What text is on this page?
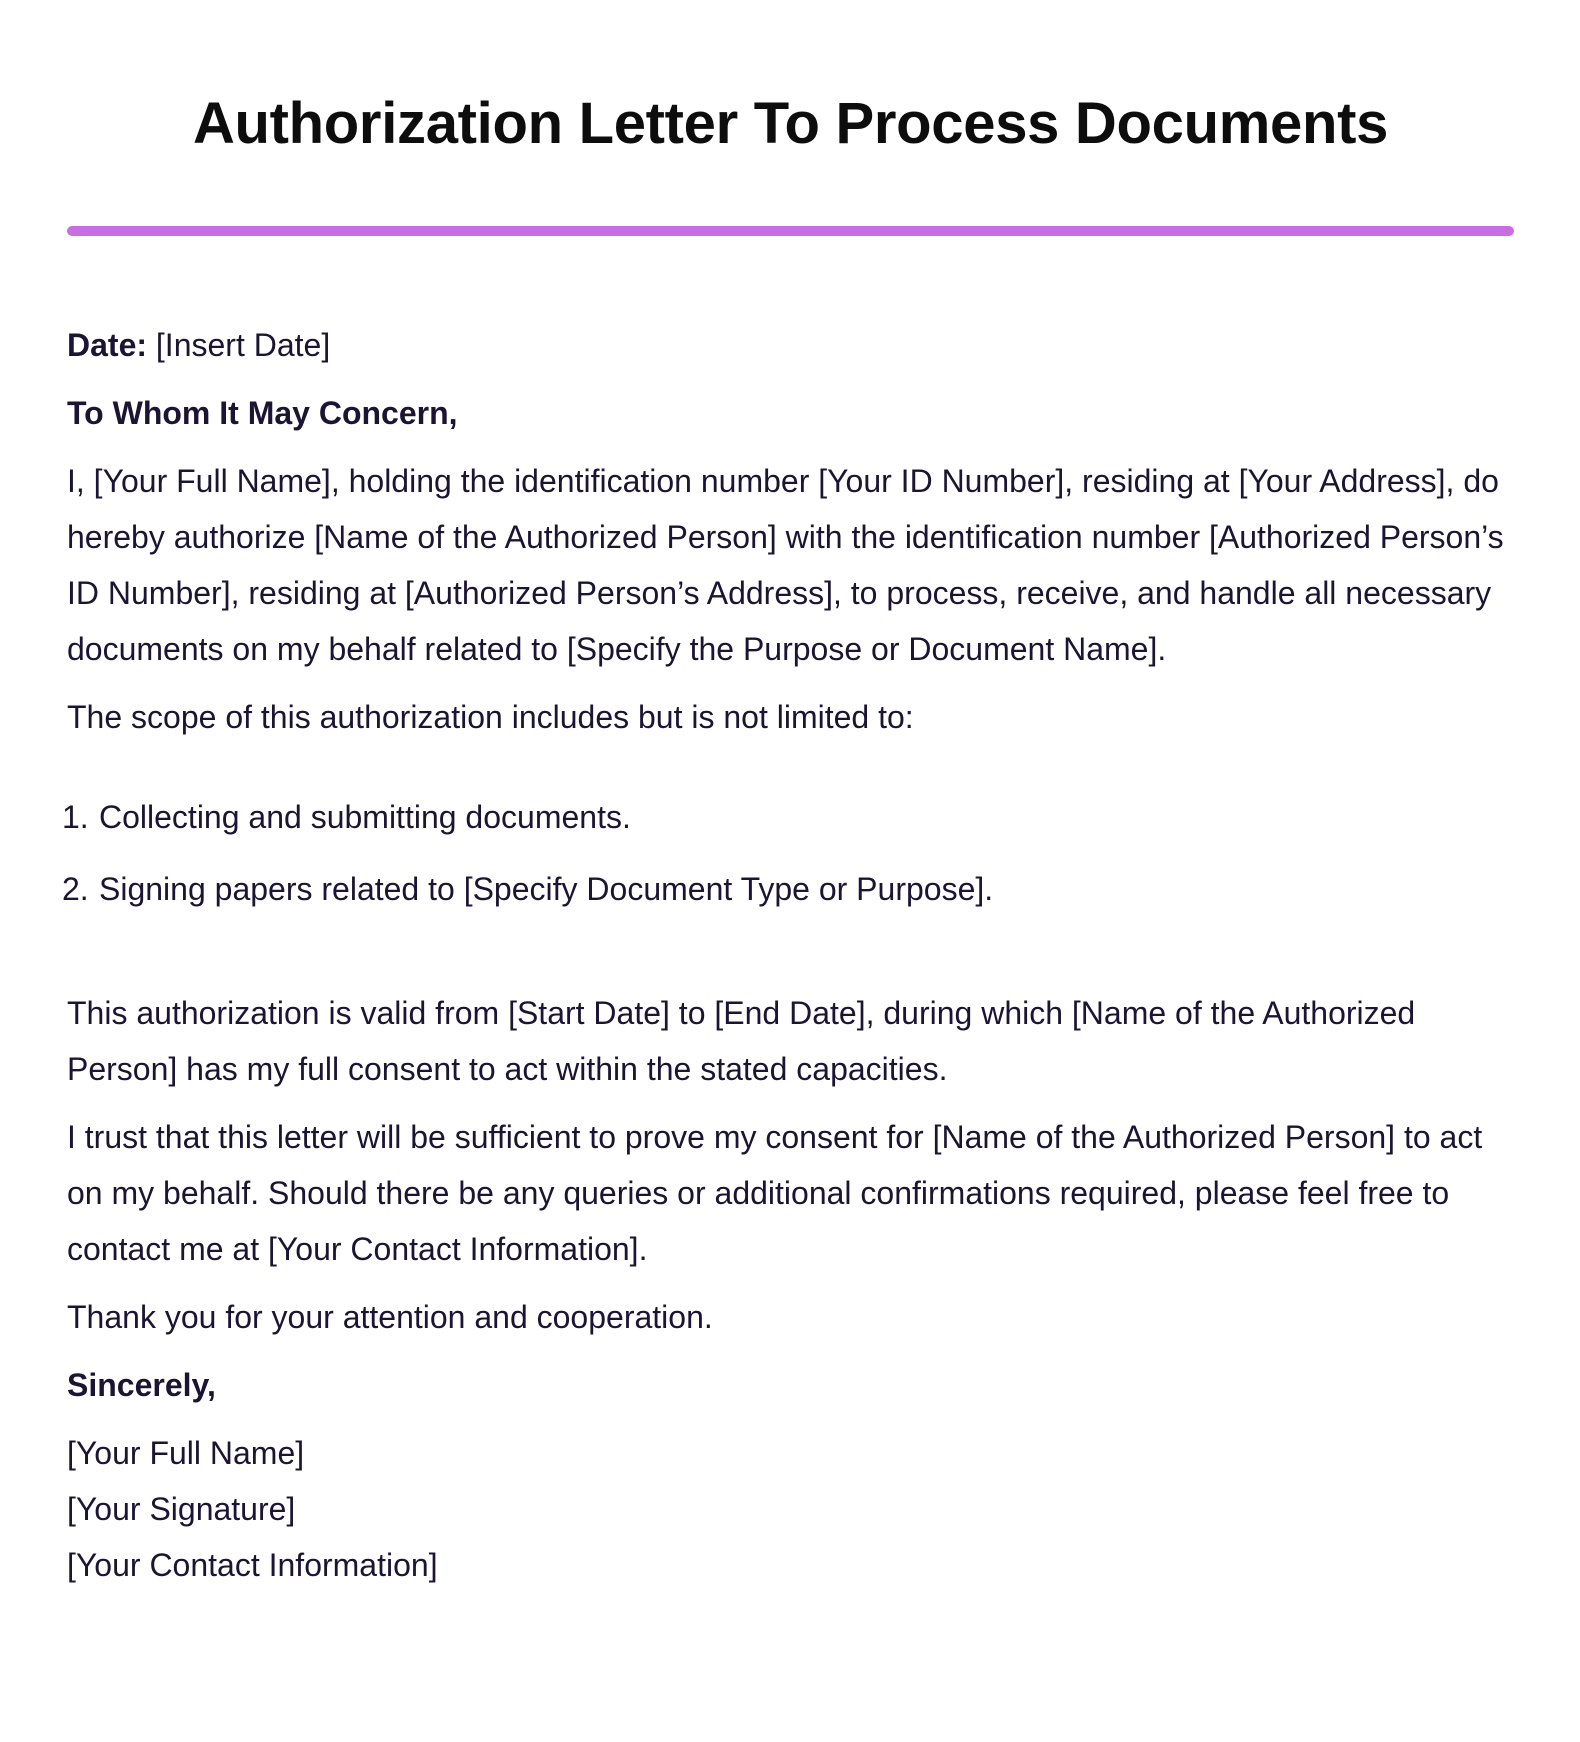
Authorization Letter To Process Documents

Date: [Insert Date]

To Whom It May Concern,

I, [Your Full Name], holding the identification number [Your ID Number], residing at [Your Address], do hereby authorize [Name of the Authorized Person] with the identification number [Authorized Person’s ID Number], residing at [Authorized Person’s Address], to process, receive, and handle all necessary documents on my behalf related to [Specify the Purpose or Document Name].

The scope of this authorization includes but is not limited to:

1. Collecting and submitting documents.
2. Signing papers related to [Specify Document Type or Purpose].

This authorization is valid from [Start Date] to [End Date], during which [Name of the Authorized Person] has my full consent to act within the stated capacities.

I trust that this letter will be sufficient to prove my consent for [Name of the Authorized Person] to act on my behalf. Should there be any queries or additional confirmations required, please feel free to contact me at [Your Contact Information].

Thank you for your attention and cooperation.

Sincerely,

[Your Full Name]
[Your Signature]
[Your Contact Information]
